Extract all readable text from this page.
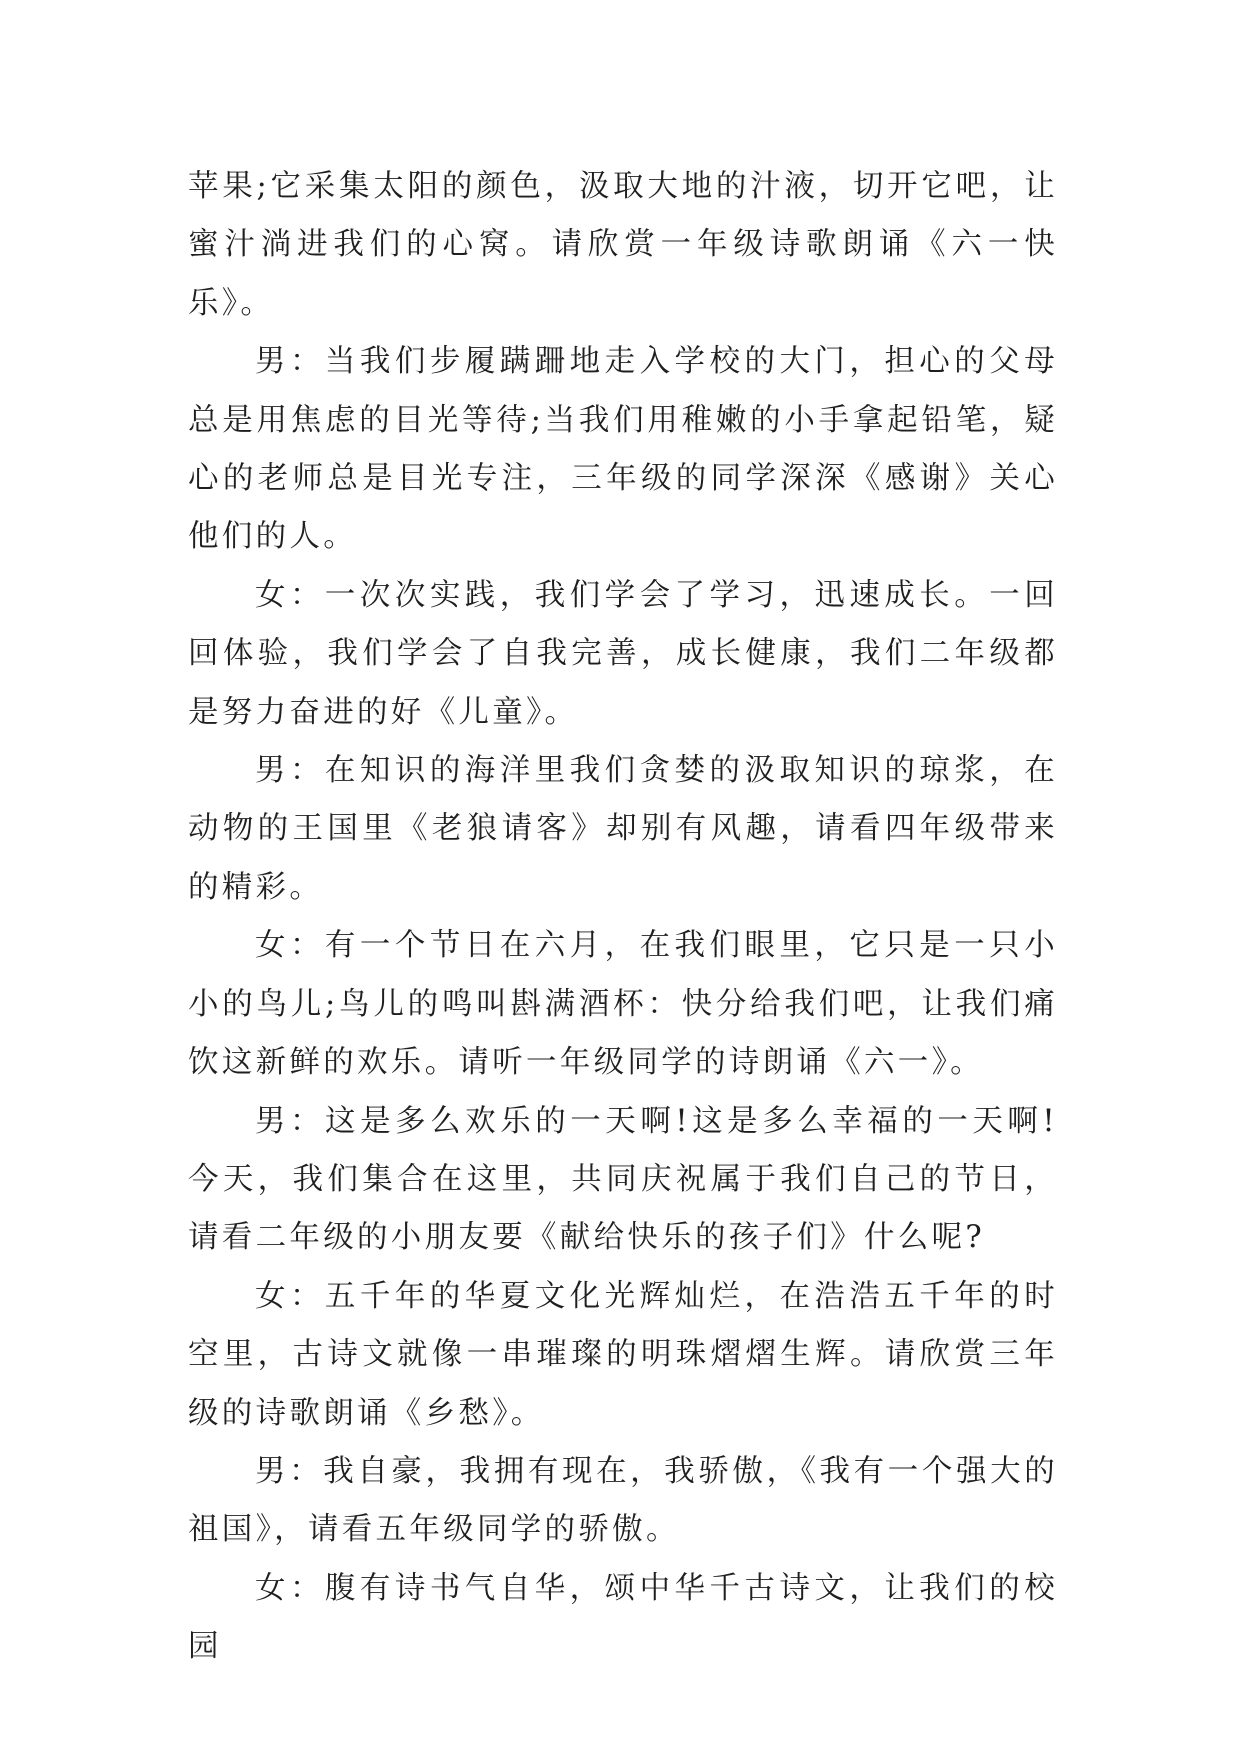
苹果;它采集太阳的颜色，汲取大地的汁液，切开它吧，让蜜汁淌进我们的心窝。请欣赏一年级诗歌朗诵《六一快乐》。

男：当我们步履蹒跚地走入学校的大门，担心的父母总是用焦虑的目光等待;当我们用稚嫩的小手拿起铅笔，疑心的老师总是目光专注，三年级的同学深深《感谢》关心他们的人。

女：一次次实践，我们学会了学习，迅速成长。一回回体验，我们学会了自我完善，成长健康，我们二年级都是努力奋进的好《儿童》。

男：在知识的海洋里我们贪婪的汲取知识的琼浆，在动物的王国里《老狼请客》却别有风趣，请看四年级带来的精彩。

女：有一个节日在六月，在我们眼里，它只是一只小小的鸟儿;鸟儿的鸣叫斟满酒杯：快分给我们吧，让我们痛饮这新鲜的欢乐。请听一年级同学的诗朗诵《六一》。

男：这是多么欢乐的一天啊!这是多么幸福的一天啊!今天，我们集合在这里，共同庆祝属于我们自己的节日，请看二年级的小朋友要《献给快乐的孩子们》什么呢?

女：五千年的华夏文化光辉灿烂，在浩浩五千年的时空里，古诗文就像一串璀璨的明珠熠熠生辉。请欣赏三年级的诗歌朗诵《乡愁》。

男：我自豪，我拥有现在，我骄傲，《我有一个强大的祖国》，请看五年级同学的骄傲。

女：腹有诗书气自华，颂中华千古诗文，让我们的校园
